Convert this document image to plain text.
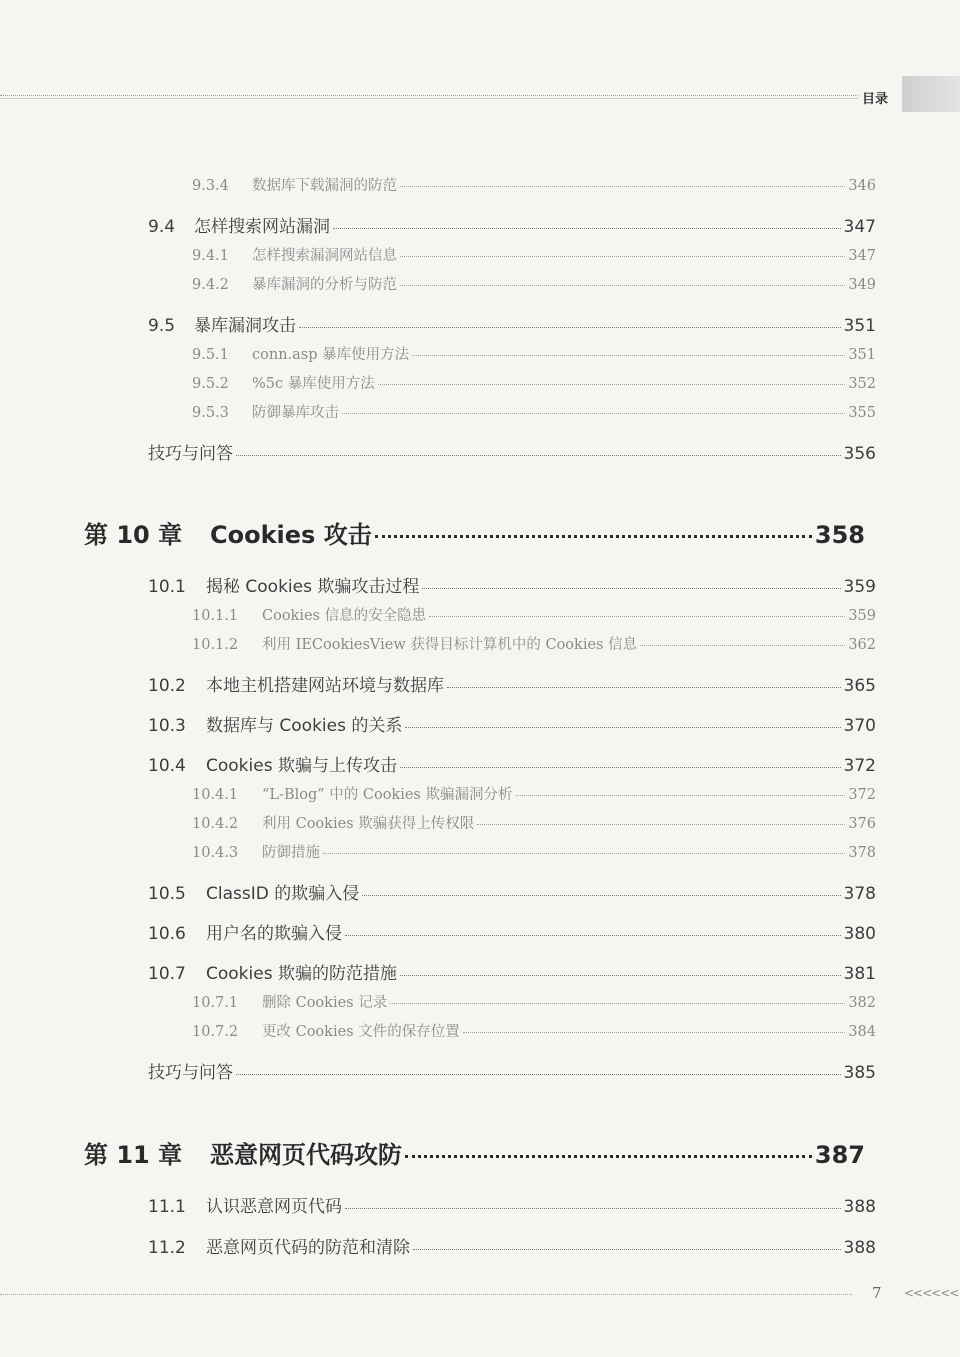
目录
9.3.4	数据库下载漏洞的防范	346
9.4	怎样搜索网站漏洞	347
9.4.1	怎样搜索漏洞网站信息	347
9.4.2	暴库漏洞的分析与防范	349
9.5	暴库漏洞攻击	351
9.5.1	conn.asp 暴库使用方法	351
9.5.2	%5c 暴库使用方法	352
9.5.3	防御暴库攻击	355
技巧与问答	356
第 10 章	Cookies 攻击	358
10.1	揭秘 Cookies 欺骗攻击过程	359
10.1.1	Cookies 信息的安全隐患	359
10.1.2	利用 IECookiesView 获得目标计算机中的 Cookies 信息	362
10.2	本地主机搭建网站环境与数据库	365
10.3	数据库与 Cookies 的关系	370
10.4	Cookies 欺骗与上传攻击	372
10.4.1	“L-Blog” 中的 Cookies 欺骗漏洞分析	372
10.4.2	利用 Cookies 欺骗获得上传权限	376
10.4.3	防御措施	378
10.5	ClassID 的欺骗入侵	378
10.6	用户名的欺骗入侵	380
10.7	Cookies 欺骗的防范措施	381
10.7.1	删除 Cookies 记录	382
10.7.2	更改 Cookies 文件的保存位置	384
技巧与问答	385
第 11 章	恶意网页代码攻防	387
11.1	认识恶意网页代码	388
11.2	恶意网页代码的防范和清除	388
7 <<<<<<
